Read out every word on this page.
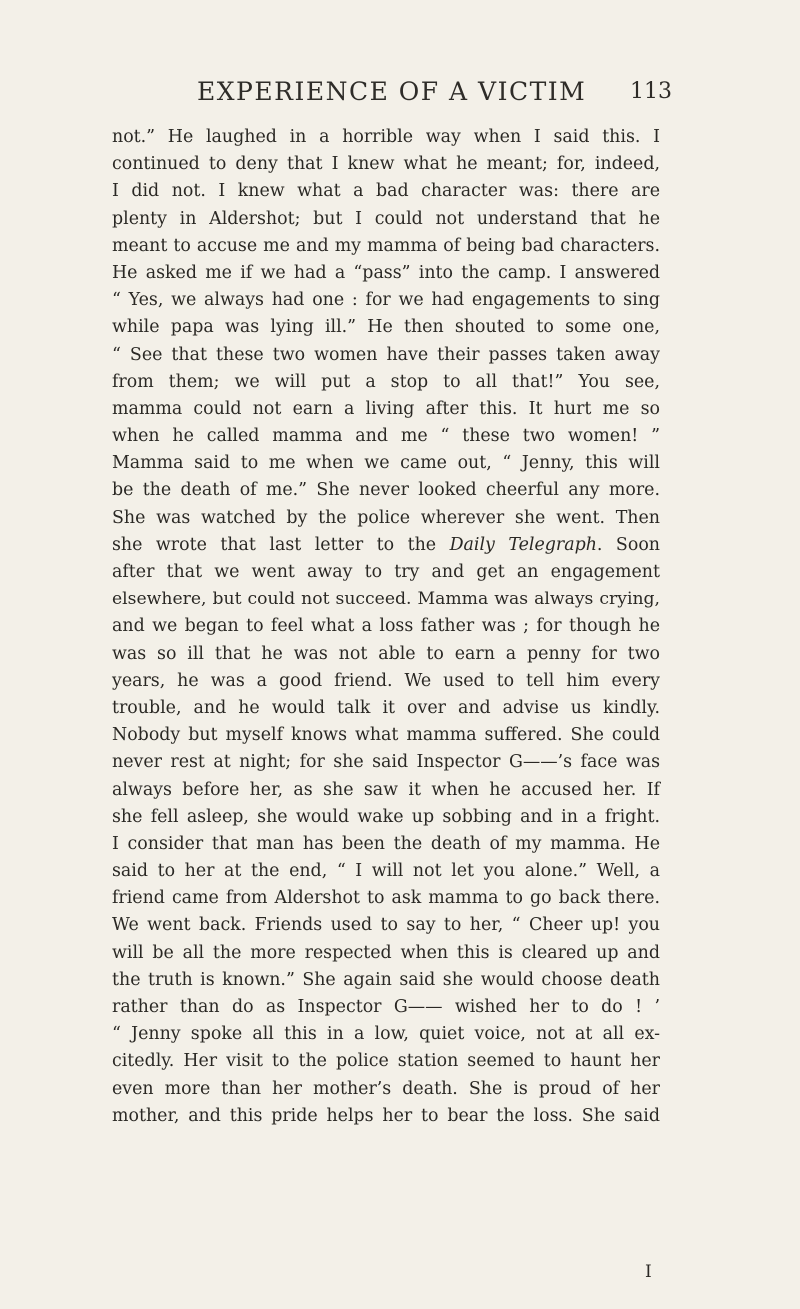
EXPERIENCE OF A VICTIM 113
not.” He laughed in a horrible way when I said this. I
continued to deny that I knew what he meant; for, indeed,
I did not. I knew what a bad character was: there are
plenty in Aldershot; but I could not understand that he
meant to accuse me and my mamma of being bad characters.
He asked me if we had a “pass” into the camp. I answered
“ Yes, we always had one : for we had engagements to sing
while papa was lying ill.” He then shouted to some one,
“ See that these two women have their passes taken away
from them; we will put a stop to all that!” You see,
mamma could not earn a living after this. It hurt me so
when he called mamma and me “ these two women! ”
Mamma said to me when we came out, “ Jenny, this will
be the death of me.” She never looked cheerful any more.
She was watched by the police wherever she went. Then
she wrote that last letter to the Daily Telegraph. Soon
after that we went away to try and get an engagement
elsewhere, but could not succeed. Mamma was always crying,
and we began to feel what a loss father was ; for though he
was so ill that he was not able to earn a penny for two
years, he was a good friend. We used to tell him every
trouble, and he would talk it over and advise us kindly.
Nobody but myself knows what mamma suffered. She could
never rest at night; for she said Inspector G——’s face was
always before her, as she saw it when he accused her. If
she fell asleep, she would wake up sobbing and in a fright.
I consider that man has been the death of my mamma. He
said to her at the end, “ I will not let you alone.” Well, a
friend came from Aldershot to ask mamma to go back there.
We went back. Friends used to say to her, “ Cheer up! you
will be all the more respected when this is cleared up and
the truth is known.” She again said she would choose death
rather than do as Inspector G—— wished her to do ! ’
“ Jenny spoke all this in a low, quiet voice, not at all ex-
citedly. Her visit to the police station seemed to haunt her
even more than her mother’s death. She is proud of her
mother, and this pride helps her to bear the loss. She said
I
